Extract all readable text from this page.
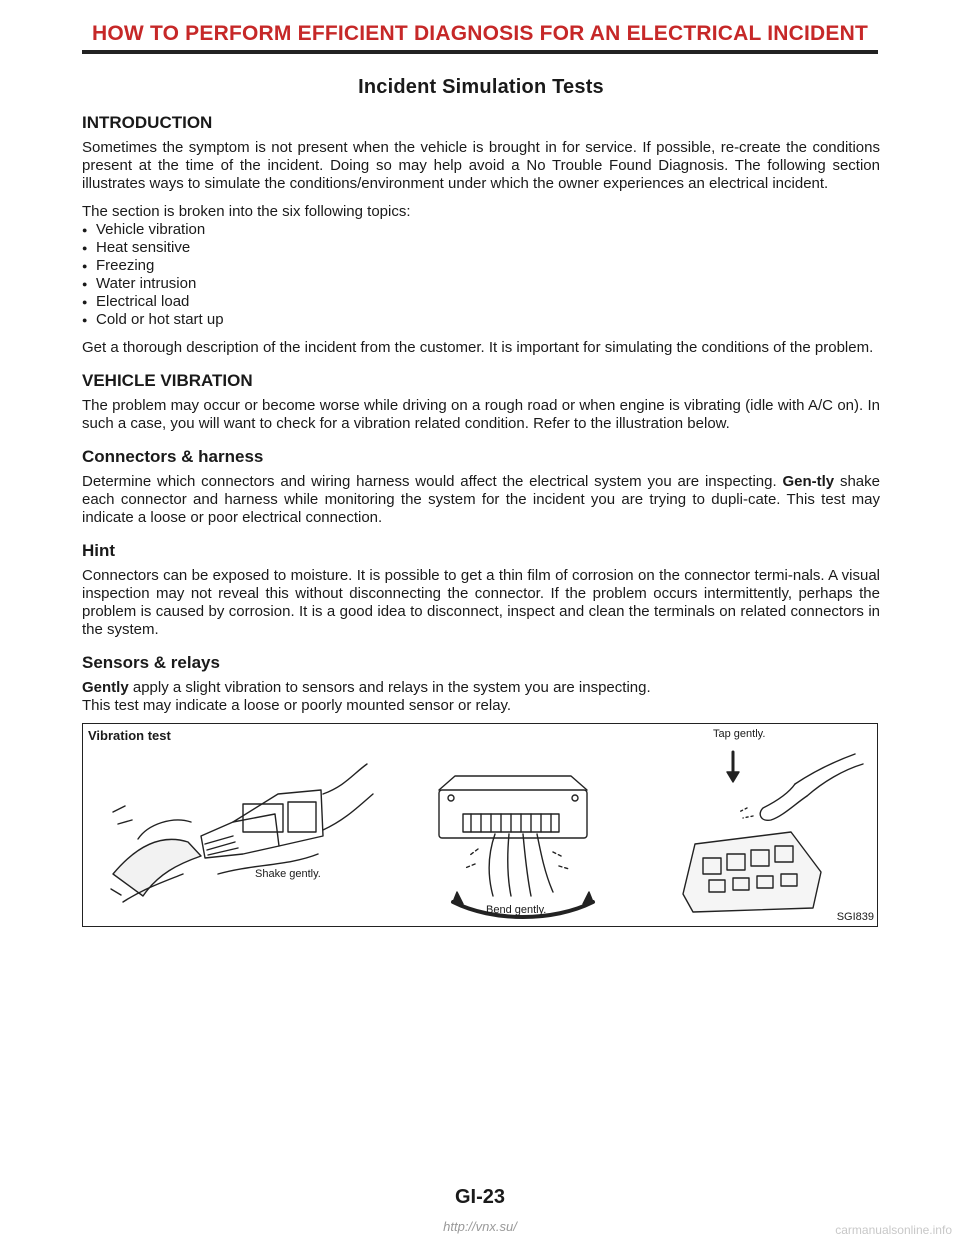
HOW TO PERFORM EFFICIENT DIAGNOSIS FOR AN ELECTRICAL INCIDENT
Incident Simulation Tests
INTRODUCTION

Sometimes the symptom is not present when the vehicle is brought in for service. If possible, re-create the conditions present at the time of the incident. Doing so may help avoid a No Trouble Found Diagnosis. The following section illustrates ways to simulate the conditions/environment under which the owner experiences an electrical incident.

The section is broken into the six following topics:

● Vehicle vibration
● Heat sensitive
● Freezing
● Water intrusion
● Electrical load
● Cold or hot start up

Get a thorough description of the incident from the customer. It is important for simulating the conditions of the problem.

VEHICLE VIBRATION

The problem may occur or become worse while driving on a rough road or when engine is vibrating (idle with A/C on). In such a case, you will want to check for a vibration related condition. Refer to the illustration below.

Connectors & harness

Determine which connectors and wiring harness would affect the electrical system you are inspecting. Gen-tly shake each connector and harness while monitoring the system for the incident you are trying to dupli-cate. This test may indicate a loose or poor electrical connection.

Hint

Connectors can be exposed to moisture. It is possible to get a thin film of corrosion on the connector termi-nals. A visual inspection may not reveal this without disconnecting the connector. If the problem occurs intermittently, perhaps the problem is caused by corrosion. It is a good idea to disconnect, inspect and clean the terminals on related connectors in the system.

Sensors & relays

Gently apply a slight vibration to sensors and relays in the system you are inspecting.

This test may indicate a loose or poorly mounted sensor or relay.

Vibration test
Shake gently.
Bend gently.
Tap gently.
SGI839
GI-23
http://vnx.su/	carmanualsonline.info
